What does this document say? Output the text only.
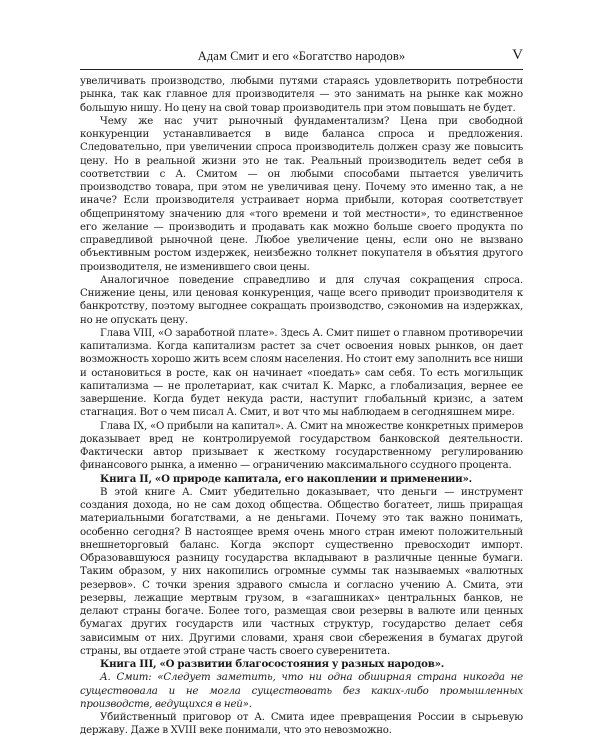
Адам Смит и его «Богатство народов»	V

увеличивать производство, любыми путями стараясь удовлетворить потребности рынка, так как главное для производителя — это занимать на рынке как можно большую нишу. Но цену на свой товар производитель при этом повышать не будет.

Чему же нас учит рыночный фундаментализм? Цена при свободной конкуренции устанавливается в виде баланса спроса и предложения. Следовательно, при увеличении спроса производитель должен сразу же повысить цену. Но в реальной жизни это не так. Реальный производитель ведет себя в соответствии с А. Смитом — он любыми способами пытается увеличить производство товара, при этом не увеличивая цену. Почему это именно так, а не иначе? Если производителя устраивает норма прибыли, которая соответствует общепринятому значению для «того времени и той местности», то единственное его желание — производить и продавать как можно больше своего продукта по справедливой рыночной цене. Любое увеличение цены, если оно не вызвано объективным ростом издержек, неизбежно толкнет покупателя в объятия другого производителя, не изменившего свои цены.

Аналогичное поведение справедливо и для случая сокращения спроса. Снижение цены, или ценовая конкуренция, чаще всего приводит производителя к банкротству, поэтому выгоднее сокращать производство, сэкономив на издержках, но не опускать цену.

Глава VIII, «О заработной плате». Здесь А. Смит пишет о главном противоречии капитализма. Когда капитализм растет за счет освоения новых рынков, он дает возможность хорошо жить всем слоям населения. Но стоит ему заполнить все ниши и остановиться в росте, как он начинает «поедать» сам себя. То есть могильщик капитализма — не пролетариат, как считал К. Маркс, а глобализация, вернее ее завершение. Когда будет некуда расти, наступит глобальный кризис, а затем стагнация. Вот о чем писал А. Смит, и вот что мы наблюдаем в сегодняшнем мире.

Глава IX, «О прибыли на капитал». А. Смит на множестве конкретных примеров доказывает вред не контролируемой государством банковской деятельности. Фактически автор призывает к жесткому государственному регулированию финансового рынка, а именно — ограничению максимального ссудного процента.

Книга II, «О природе капитала, его накоплении и применении».

В этой книге А. Смит убедительно доказывает, что деньги — инструмент создания дохода, но не сам доход общества. Общество богатеет, лишь приращая материальными богатствами, а не деньгами. Почему это так важно понимать, особенно сегодня? В настоящее время очень много стран имеют положительный внешнеторговый баланс. Когда экспорт существенно превосходит импорт. Образовавшуюся разницу государства вкладывают в различные ценные бумаги. Таким образом, у них накопились огромные суммы так называемых «валютных резервов». С точки зрения здравого смысла и согласно учению А. Смита, эти резервы, лежащие мертвым грузом, в «загашниках» центральных банков, не делают страны богаче. Более того, размещая свои резервы в валюте или ценных бумагах других государств или частных структур, государство делает себя зависимым от них. Другими словами, храня свои сбережения в бумагах другой страны, вы отдаете этой стране часть своего суверенитета.

Книга III, «О развитии благосостояния у разных народов».

А. Смит: «Следует заметить, что ни одна обширная страна никогда не существовала и не могла существовать без каких-либо промышленных производств, ведущихся в ней».

Убийственный приговор от А. Смита идее превращения России в сырьевую державу. Даже в XVIII веке понимали, что это невозможно.
